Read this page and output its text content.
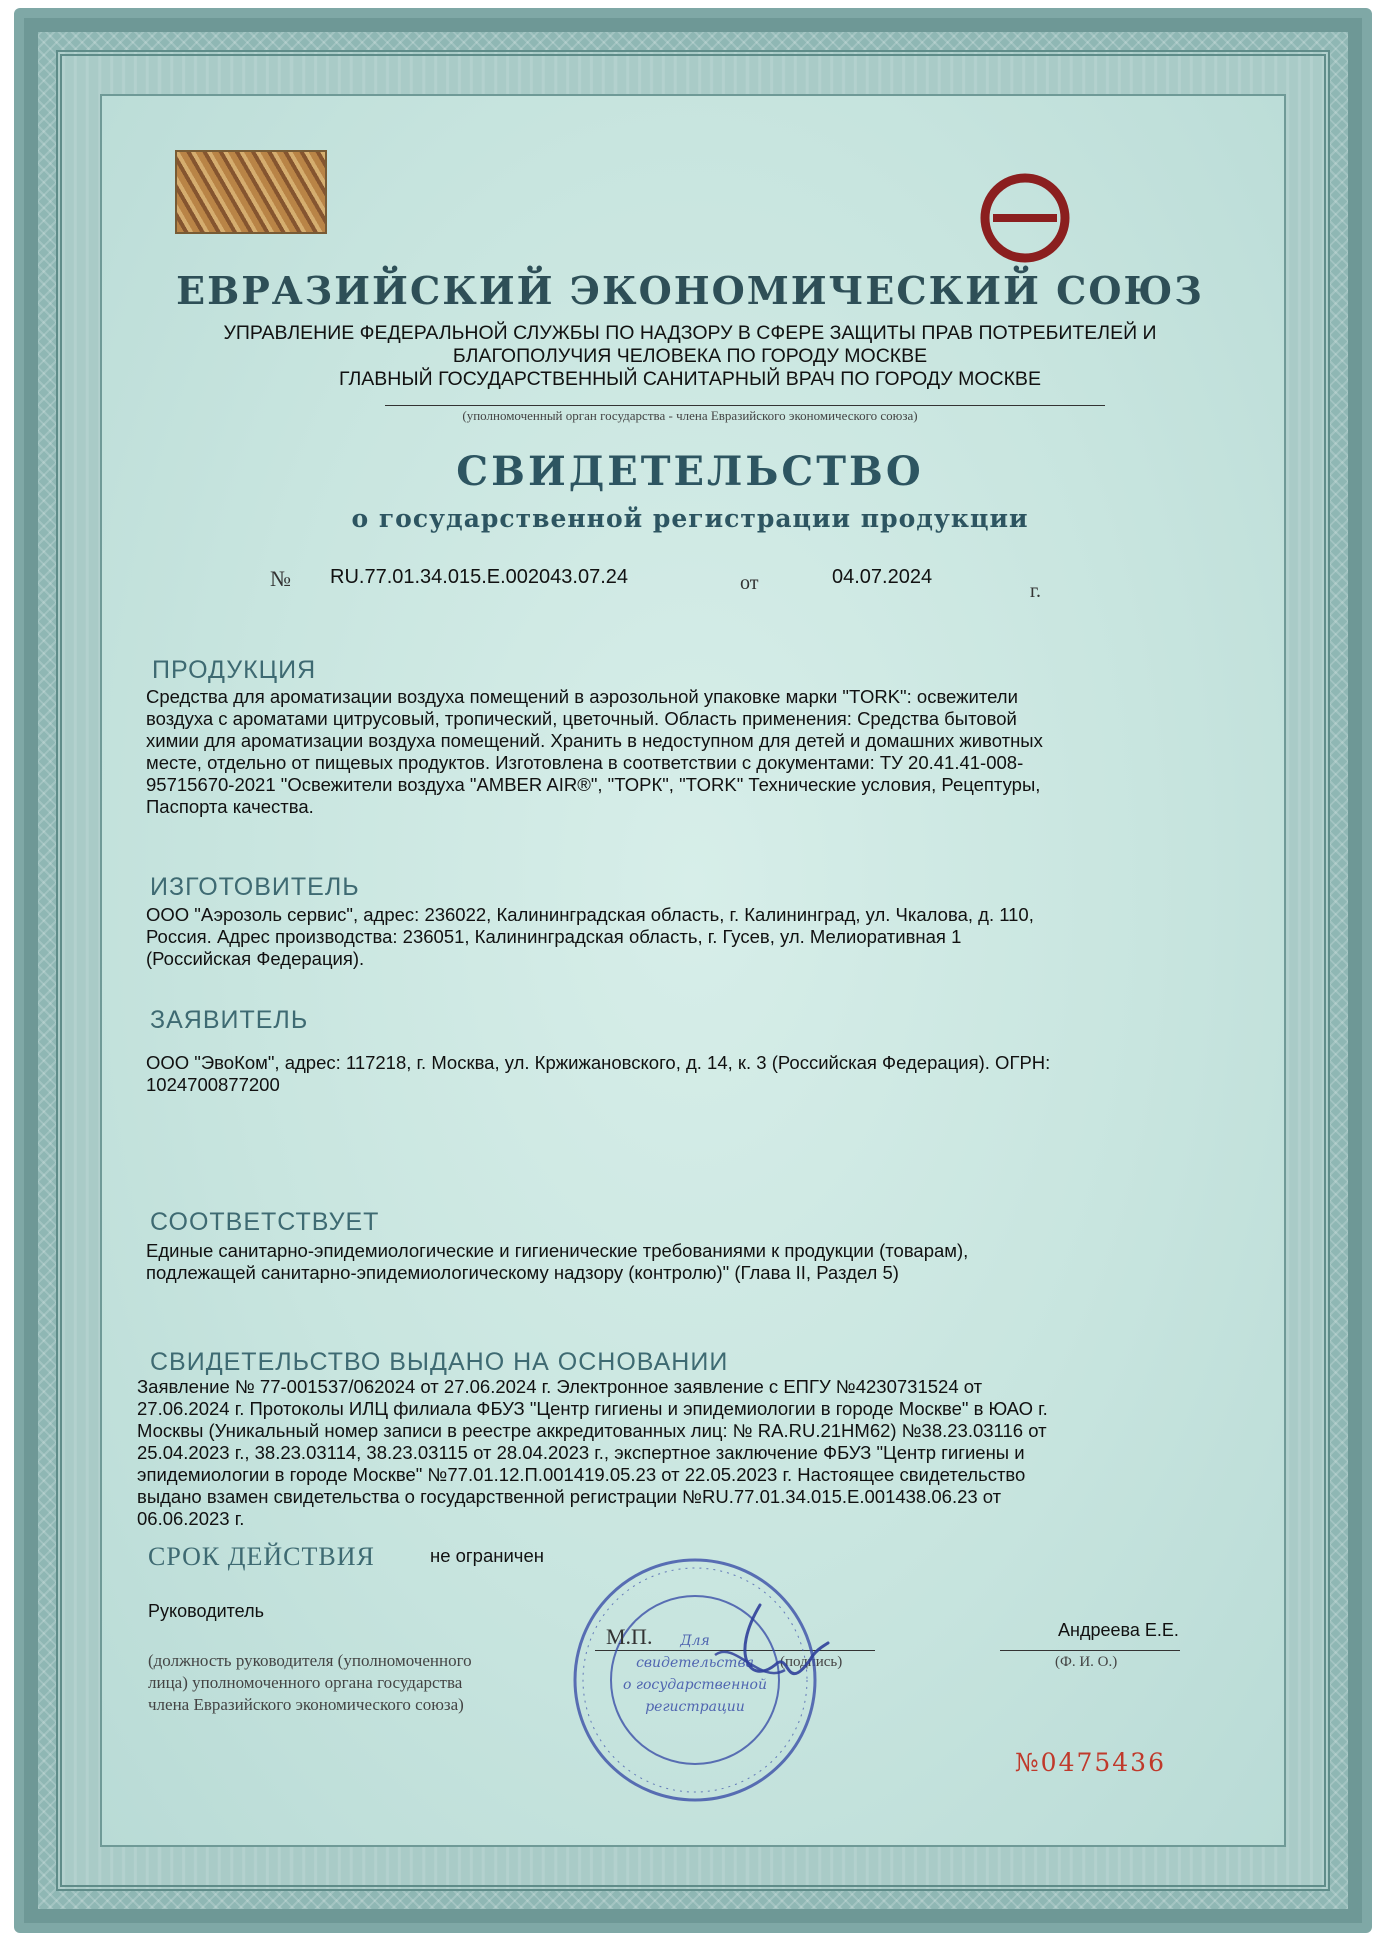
ЕВРАЗИЙСКИЙ ЭКОНОМИЧЕСКИЙ СОЮЗ
УПРАВЛЕНИЕ ФЕДЕРАЛЬНОЙ СЛУЖБЫ ПО НАДЗОРУ В СФЕРЕ ЗАЩИТЫ ПРАВ ПОТРЕБИТЕЛЕЙ И
БЛАГОПОЛУЧИЯ ЧЕЛОВЕКА ПО ГОРОДУ МОСКВЕ
ГЛАВНЫЙ ГОСУДАРСТВЕННЫЙ САНИТАРНЫЙ ВРАЧ ПО ГОРОДУ МОСКВЕ
(уполномоченный орган государства - члена Евразийского экономического союза)
СВИДЕТЕЛЬСТВО
о государственной регистрации продукции
№ RU.77.01.34.015.E.002043.07.24	от	04.07.2024
г.
ПРОДУКЦИЯ
Средства для ароматизации воздуха помещений в аэрозольной упаковке марки "TORK": освежители
воздуха с ароматами цитрусовый, тропический, цветочный. Область применения: Средства бытовой
химии для ароматизации воздуха помещений. Хранить в недоступном для детей и домашних животных
месте, отдельно от пищевых продуктов. Изготовлена в соответствии с документами: ТУ 20.41.41-008-
95715670-2021 "Освежители воздуха "AMBER AIR®", "ТОРК", "TORK" Технические условия, Рецептуры,
Паспорта качества.
ИЗГОТОВИТЕЛЬ
ООО "Аэрозоль сервис", адрес: 236022, Калининградская область, г. Калининград, ул. Чкалова, д. 110,
Россия. Адрес производства: 236051, Калининградская область, г. Гусев, ул. Мелиоративная 1
(Российская Федерация).
ЗАЯВИТЕЛЬ
ООО "ЭвоКом", адрес: 117218, г. Москва, ул. Кржижановского, д. 14, к. 3 (Российская Федерация). ОГРН:
1024700877200
СООТВЕТСТВУЕТ
Единые санитарно-эпидемиологические и гигиенические требованиями к продукции (товарам),
подлежащей санитарно-эпидемиологическому надзору (контролю)" (Глава II, Раздел 5)
СВИДЕТЕЛЬСТВО ВЫДАНО НА ОСНОВАНИИ
Заявление № 77-001537/062024 от 27.06.2024 г. Электронное заявление с ЕПГУ №4230731524 от
27.06.2024 г. Протоколы ИЛЦ филиала ФБУЗ "Центр гигиены и эпидемиологии в городе Москве" в ЮАО г.
Москвы (Уникальный номер записи в реестре аккредитованных лиц: № RA.RU.21НМ62) №38.23.03116 от
25.04.2023 г., 38.23.03114, 38.23.03115 от 28.04.2023 г., экспертное заключение ФБУЗ "Центр гигиены и
эпидемиологии в городе Москве" №77.01.12.П.001419.05.23 от 22.05.2023 г. Настоящее свидетельство
выдано взамен свидетельства о государственной регистрации №RU.77.01.34.015.Е.001438.06.23 от
06.06.2023 г.
СРОК ДЕЙСТВИЯ	не ограничен
Руководитель
Андреева Е.Е.
(должность руководителя (уполномоченного
лица) уполномоченного органа государства
члена Евразийского экономического союза)
(подпись)	(Ф. И. О.)
Для
свидетельства
о государственной
регистрации
М.П.
№0475436
